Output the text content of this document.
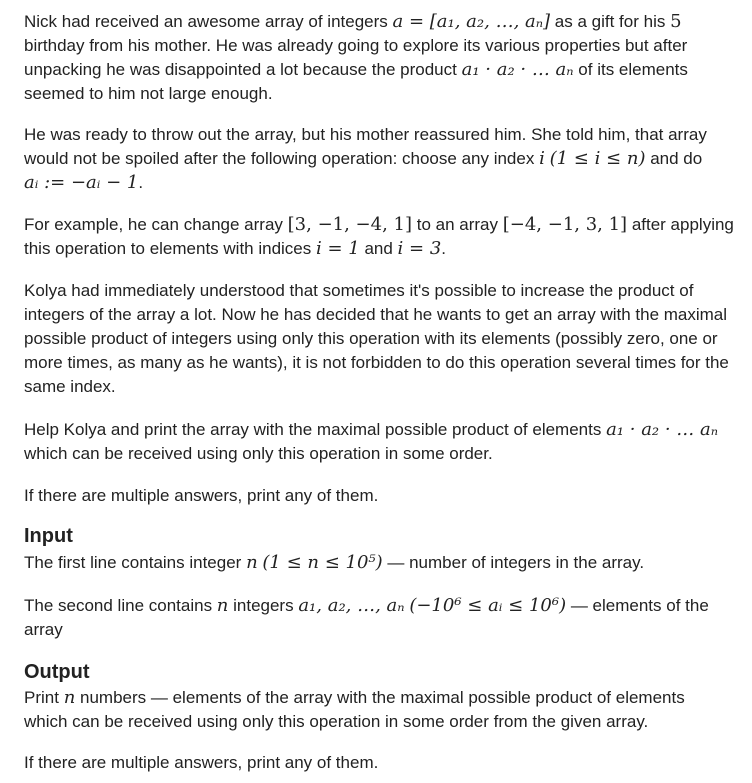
Nick had received an awesome array of integers a = [a₁, a₂, …, aₙ] as a gift for his 5
birthday from his mother. He was already going to explore its various properties but after
unpacking he was disappointed a lot because the product a₁ · a₂ · … aₙ of its elements
seemed to him not large enough.

He was ready to throw out the array, but his mother reassured him. She told him, that array
would not be spoiled after the following operation: choose any index i (1 ≤ i ≤ n) and do
aᵢ := −aᵢ − 1.

For example, he can change array [3, −1, −4, 1] to an array [−4, −1, 3, 1] after applying
this operation to elements with indices i = 1 and i = 3.

Kolya had immediately understood that sometimes it's possible to increase the product of
integers of the array a lot. Now he has decided that he wants to get an array with the maximal
possible product of integers using only this operation with its elements (possibly zero, one or
more times, as many as he wants), it is not forbidden to do this operation several times for the
same index.

Help Kolya and print the array with the maximal possible product of elements a₁ · a₂ · … aₙ
which can be received using only this operation in some order.

If there are multiple answers, print any of them.

Input

The first line contains integer n (1 ≤ n ≤ 10⁵) — number of integers in the array.

The second line contains n integers a₁, a₂, …, aₙ (−10⁶ ≤ aᵢ ≤ 10⁶) — elements of the
array

Output

Print n numbers — elements of the array with the maximal possible product of elements
which can be received using only this operation in some order from the given array.

If there are multiple answers, print any of them.
